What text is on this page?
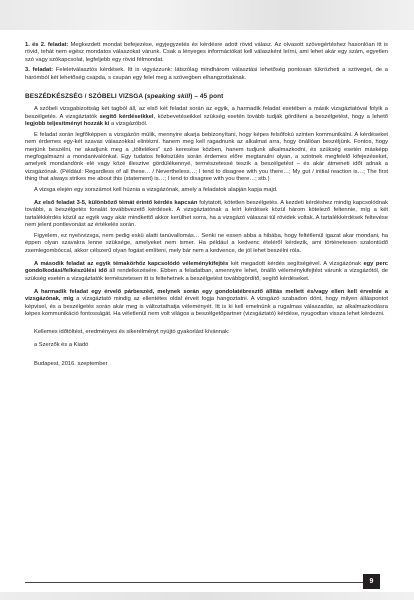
1. és 2. feladat: Megkezdett mondat befejezése, egyjegyzetés és kérdésre adott rövid válasz. Az olvasott szövegértéshez hasonlóan itt is rövid, tehát nem egész mondatos válaszokat várunk. Csak a lényeges információkat kell válaszként leírni, ami lehet akár egy szám, egyetlen szó vagy szókapcsolat, legfeljebb egy rövid félmondat.

3. feladat: Feleletválasztós kérdések. Itt is vigyázzunk: látszólag mindhárom választási lehetőség pontosan tükrözheti a szöveget, de a hárómból két lehetőség csapda, s csupán egy felel meg a szövegben elhangzottaknak.

BESZÉDKÉSZSÉG / SZÓBELI VIZSGA (speaking skill) – 45 pont

A szóbeli vizsgabizottság két tagból áll, az első két feladat során az egyik, a harmadik feladat esetében a másik vizsgáztatóval folyik a beszélgetés. A vizsgáztatók segítő kérdéseikkel, közbevetéseikkel szükség esetén tovább tudják gördíteni a beszélgetést, hogy a lehető legjobb teljesítményt hozzák ki a vizsgázóból.

E feladat során legfőképpen a vizsgázón múlik, mennyire akarja bebizonyítani, hogy képes felsőfokú szinten kommunikálni. A kérdéseket nem érdemes egy-két szavas válaszokkal elintézni. hanem meg kell ragadnunk az alkalmat arra, hogy önállóan beszéljünk. Fontos, hogy merjünk beszélni, ne akadjunk meg a „töltelékes” szó keresése közben, hanem tudjunk alkalmazkodni, és szükség esetén másképp megfogalmazni a mondanivalónkat. Egy tudatos felkészülés során érdemes előre megtanulni olyan, a szintnek megfelelő kifejezéseket, amelyek mondandónk elé vagy közé illesztve gördülékennyé, természetessé teszik a beszélgetést – és akár átmeneti időt adnak a vizsgázónak. (Például: Regardless of all these… / Nevertheless…; I tend to disagree with you there…; My gut / initial reaction is…; The first thing that always strikes me about this (statement) is…; I tend to disagree with you there…; stb.)

A vizsga elején egy sorszámot kell húznia a vizsgázónak, amely a feladatok alapján kapja majd.

Az első feladat 3-5, különböző témát érintő kérdés kapcsán folytatott, kötetlen beszélgetés. A kezdeti kérdéshez mindig kapcsolódnak további, a beszélgetés fonalát továbbvezető kérdések. A vizsgáztatónak a leírt kérdések közül három kötelező feltennie, míg a két tartalékkérdés közül az egyik vagy akár mindkettő akkor kerülhet sorra, ha a vizsgázó válaszai túl rövidek voltak. A tartalékkérdések feltevése nem jelent pontlevonást az értékelés során.

Figyelem, ez nyelvvizsga, nem pedig eskü alatti tanúvallomás… Senki ne essen abba a hibába, hogy feltétlenül igazat akar mondani, ha éppen olyan szavakra lenne szüksége, amelyeket nem ismer. Ha például a kedvenc ételéről kérdezik, ami történetesen szalontüdő zsemlegombóccal, akkor célszerű olyan fogást említeni, mely bár nem a kedvence, de jól lehet beszélni róla.

A második feladat az egyik témakörhöz kapcsolódó véleménykifejtés két megadott kérdés segítségével. A vizsgázónak egy perc gondolkodási/felkészülési idő áll rendelkezésére. Ebben a feladatban, amennyire lehet, önálló véleménykifejtést várunk a vizsgázótól, de szükség esetén a vizsgáztatók természetesen itt is feltehetnek a beszélgetést továbbgördítő, segítő kérdéseket.

A harmadik feladat egy érvelő párbeszéd, melynek során egy gondolatébresztő állítás mellett és/vagy ellen kell érvelnie a vizsgázónak, mig a vizsgáztató mindig az ellentétes oldal érveit fogja hangoztatni. A vizsgázó szabadon dönt, hogy milyen álláspontot képvisel, és a beszélgetés során akár meg is változtathatja véleményét. Itt is ki kell emelnünk a rugalmas válaszadás, az alkalmazkodásra képes kommunikáció fontosságát. Ha véletlenül nem volt világos a beszélgetőpartner (vizsgáztató) kérdése, nyugodtan vissza lehet kérdezni.

Kellemes időtöltést, eredményes és sikerélményt nyújtó gyakorlást kívánnak:

a Szerzők és a Kiadó

Budapest, 2016. szeptember

9
